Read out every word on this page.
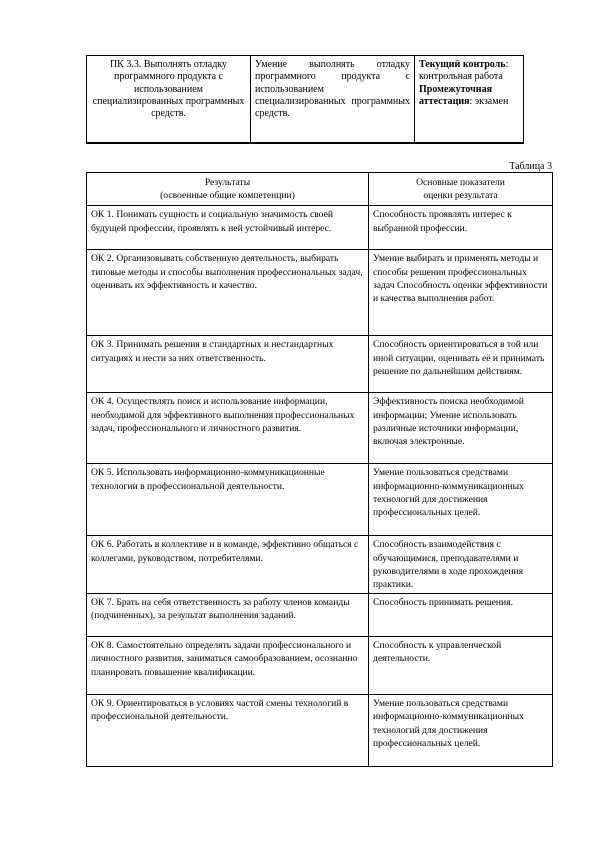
ПК 3.3. Выполнять отладку программного продукта с использованием специализированных программных средств.	Умение выполнять отладку программного продукта с использованием специализированных программных средств.	Текущий контроль: контрольная работа
Промежуточная аттестация: экзамен
Таблица 3
Результаты
(освоенные общие компетенции)	Основные показатели
оценки результата
ОК 1. Понимать сущность и социальную значимость своей будущей профессии, проявлять к ней устойчивый интерес.	Способность проявлять интерес к выбранной профессии.
ОК 2. Организовывать собственную деятельность, выбирать типовые методы и способы выполнения профессиональных задач, оценивать их эффективность и качество.	Умение выбирать и применять методы и способы решения профессиональных задач Способность оценки эффективности и качества выполнения работ.
ОК 3. Принимать решения в стандартных и нестандартных ситуациях и нести за них ответственность.	Способность ориентироваться в той или иной ситуации, оценивать её и принимать решение по дальнейшим действиям.
ОК 4. Осуществлять поиск и использование информации, необходимой для эффективного выполнения профессиональных задач, профессионального и личностного развития.	Эффективность поиска необходимой информации; Умение использовать различные источники информации, включая электронные.
ОК 5. Использовать информационно-коммуникационные технологии в профессиональной деятельности.	Умение пользоваться средствами информационно-коммуникационных технологий для достижения профессиональных целей.
ОК 6. Работать в коллективе и в команде, эффективно общаться с коллегами, руководством, потребителями.	Способность взаимодействия с обучающимися, преподавателями и руководителями в ходе прохождения практики.
ОК 7. Брать на себя ответственность за работу членов команды (подчиненных), за результат выполнения заданий.	Способность принимать решения.
ОК 8. Самостоятельно определять задачи профессионального и личностного развития, заниматься самообразованием, осознанно планировать повышение квалификации.	Способность к управленческой деятельности.
ОК 9. Ориентироваться в условиях частой смены технологий в профессиональной деятельности.	Умение пользоваться средствами информационно-коммуникационных технологий для достижения профессиональных целей.
